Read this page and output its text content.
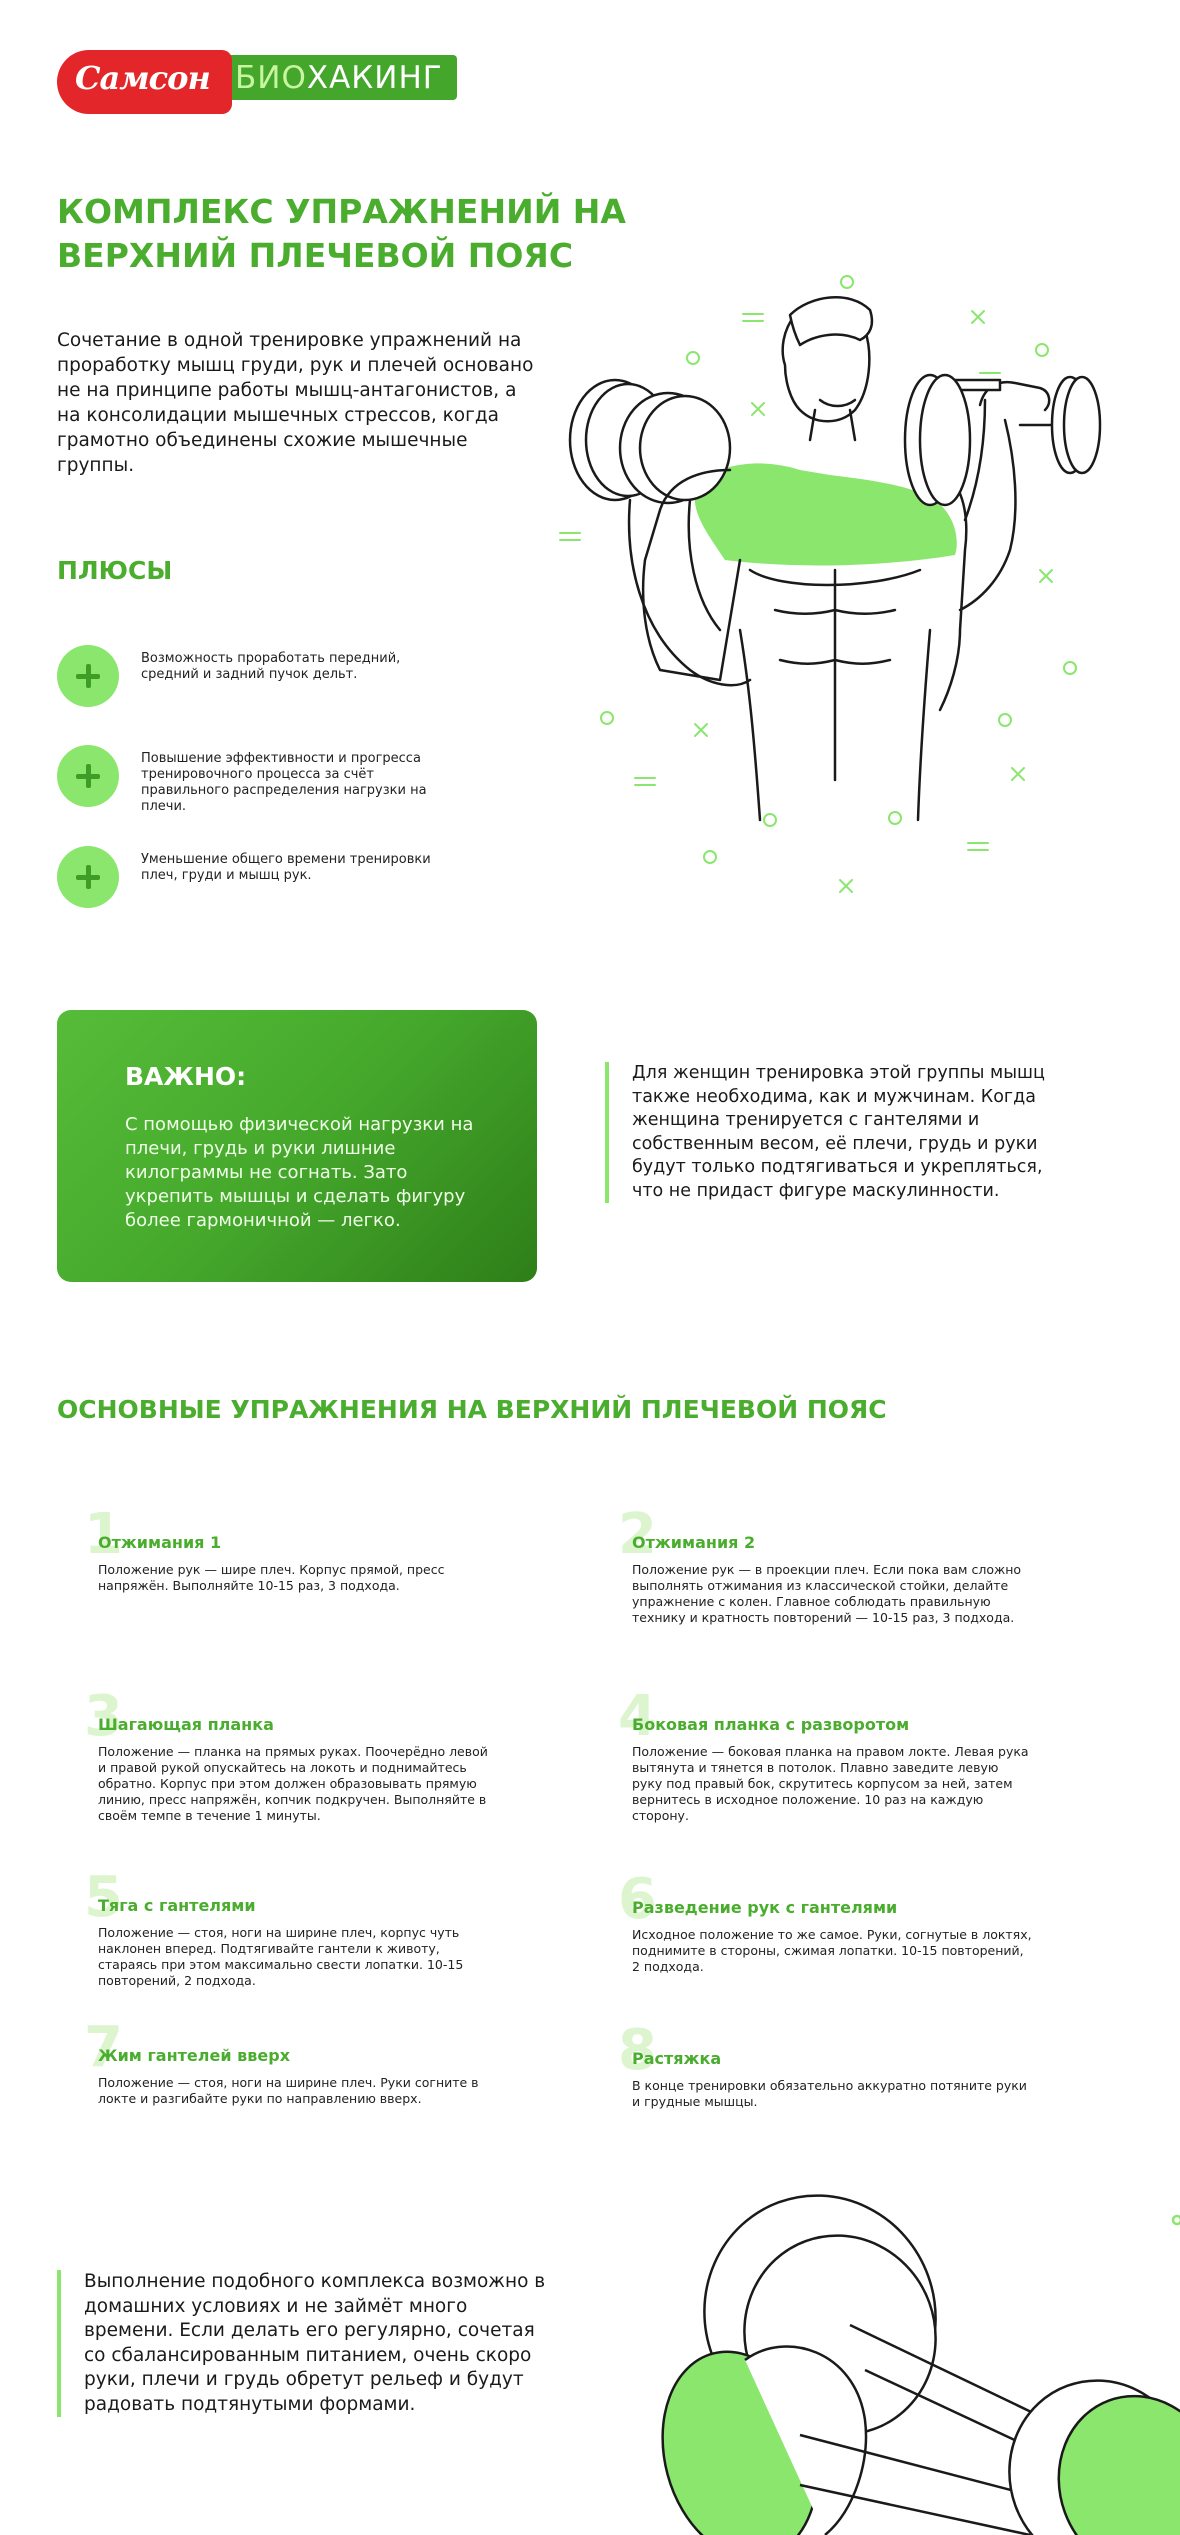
БИОХАКИНГ
Самсон
КОМПЛЕКС УПРАЖНЕНИЙ НА ВЕРХНИЙ ПЛЕЧЕВОЙ ПОЯС
Сочетание в одной тренировке упражнений на проработку мышц груди, рук и плечей основано не на принципе работы мышц-антагонистов, а на консолидации мышечных стрессов, когда грамотно объединены схожие мышечные группы.
ПЛЮСЫ
Возможность проработать передний, средний и задний пучок дельт.
Повышение эффективности и прогресса тренировочного процесса за счёт правильного распределения нагрузки на плечи.
Уменьшение общего времени тренировки плеч, груди и мышц рук.
ВАЖНО:
С помощью физической нагрузки на плечи, грудь и руки лишние килограммы не согнать. Зато укрепить мышцы и сделать фигуру более гармоничной — легко.
Для женщин тренировка этой группы мышц также необходима, как и мужчинам. Когда женщина тренируется с гантелями и собственным весом, её плечи, грудь и руки будут только подтягиваться и укрепляться, что не придаст фигуре маскулинности.
ОСНОВНЫЕ УПРАЖНЕНИЯ НА ВЕРХНИЙ ПЛЕЧЕВОЙ ПОЯС
1
Отжимания 1
Положение рук — шире плеч. Корпус прямой, пресс напряжён. Выполняйте 10-15 раз, 3 подхода.
2
Отжимания 2
Положение рук — в проекции плеч. Если пока вам сложно выполнять отжимания из классической стойки, делайте упражнение с колен. Главное соблюдать правильную технику и кратность повторений — 10-15 раз, 3 подхода.
3
Шагающая планка
Положение — планка на прямых руках. Поочерёдно левой и правой рукой опускайтесь на локоть и поднимайтесь обратно. Корпус при этом должен образовывать прямую линию, пресс напряжён, копчик подкручен. Выполняйте в своём темпе в течение 1 минуты.
4
Боковая планка с разворотом
Положение — боковая планка на правом локте. Левая рука вытянута и тянется в потолок. Плавно заведите левую руку под правый бок, скрутитесь корпусом за ней, затем вернитесь в исходное положение. 10 раз на каждую сторону.
5
Тяга с гантелями
Положение — стоя, ноги на ширине плеч, корпус чуть наклонен вперед. Подтягивайте гантели к животу, стараясь при этом максимально свести лопатки. 10-15 повторений, 2 подхода.
6
Разведение рук с гантелями
Исходное положение то же самое. Руки, согнутые в локтях, поднимите в стороны, сжимая лопатки. 10-15 повторений, 2 подхода.
7
Жим гантелей вверх
Положение — стоя, ноги на ширине плеч. Руки согните в локте и разгибайте руки по направлению вверх.
8
Растяжка
В конце тренировки обязательно аккуратно потяните руки и грудные мышцы.
Выполнение подобного комплекса возможно в домашних условиях и не займёт много времени. Если делать его регулярно, сочетая со сбалансированным питанием, очень скоро руки, плечи и грудь обретут рельеф и будут радовать подтянутыми формами.
